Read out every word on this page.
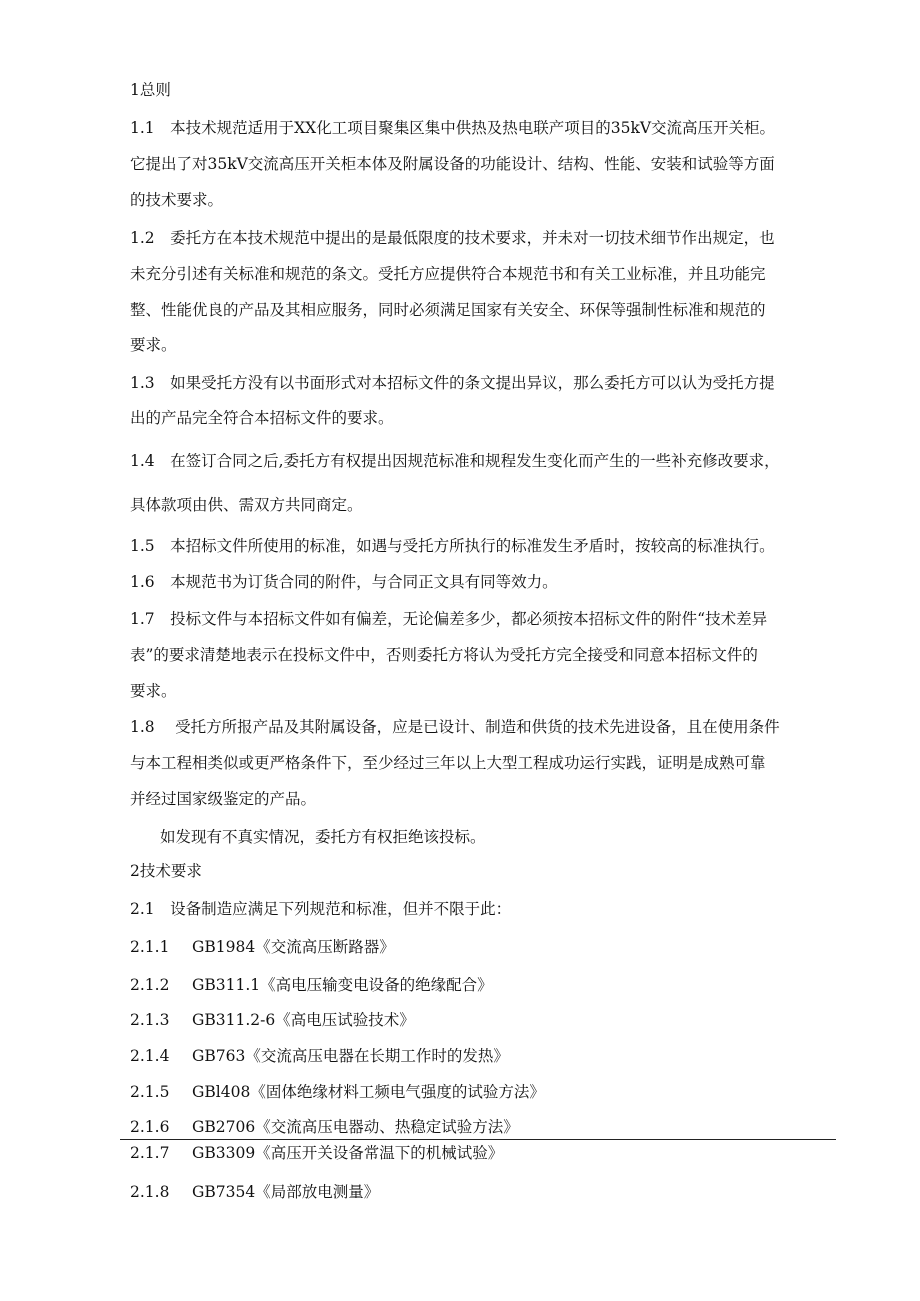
1总则
1.1　本技术规范适用于XX化工项目聚集区集中供热及热电联产项目的35kV交流高压开关柜。
它提出了对35kV交流高压开关柜本体及附属设备的功能设计、结构、性能、安装和试验等方面
的技术要求。
1.2　委托方在本技术规范中提出的是最低限度的技术要求，并未对一切技术细节作出规定，也
未充分引述有关标准和规范的条文。受托方应提供符合本规范书和有关工业标准，并且功能完
整、性能优良的产品及其相应服务，同时必须满足国家有关安全、环保等强制性标准和规范的
要求。
1.3　如果受托方没有以书面形式对本招标文件的条文提出异议，那么委托方可以认为受托方提
出的产品完全符合本招标文件的要求。
1.4　在签订合同之后,委托方有权提出因规范标准和规程发生变化而产生的一些补充修改要求，
具体款项由供、需双方共同商定。
1.5　本招标文件所使用的标准，如遇与受托方所执行的标准发生矛盾时，按较高的标准执行。
1.6　本规范书为订货合同的附件，与合同正文具有同等效力。
1.7　投标文件与本招标文件如有偏差，无论偏差多少，都必须按本招标文件的附件“技术差异
表”的要求清楚地表示在投标文件中，否则委托方将认为受托方完全接受和同意本招标文件的
要求。
1.8　 受托方所报产品及其附属设备，应是已设计、制造和供货的技术先进设备，且在使用条件
与本工程相类似或更严格条件下，至少经过三年以上大型工程成功运行实践，证明是成熟可靠
并经过国家级鉴定的产品。
如发现有不真实情况，委托方有权拒绝该投标。
2技术要求
2.1　设备制造应满足下列规范和标准，但并不限于此：
2.1.1 GB1984《交流高压断路器》
2.1.2 GB311.1《高电压输变电设备的绝缘配合》
2.1.3 GB311.2-6《高电压试验技术》
2.1.4 GB763《交流高压电器在长期工作时的发热》
2.1.5 GBl408《固体绝缘材料工频电气强度的试验方法》
2.1.6 GB2706《交流高压电器动、热稳定试验方法》
2.1.7 GB3309《高压开关设备常温下的机械试验》
2.1.8 GB7354《局部放电测量》
